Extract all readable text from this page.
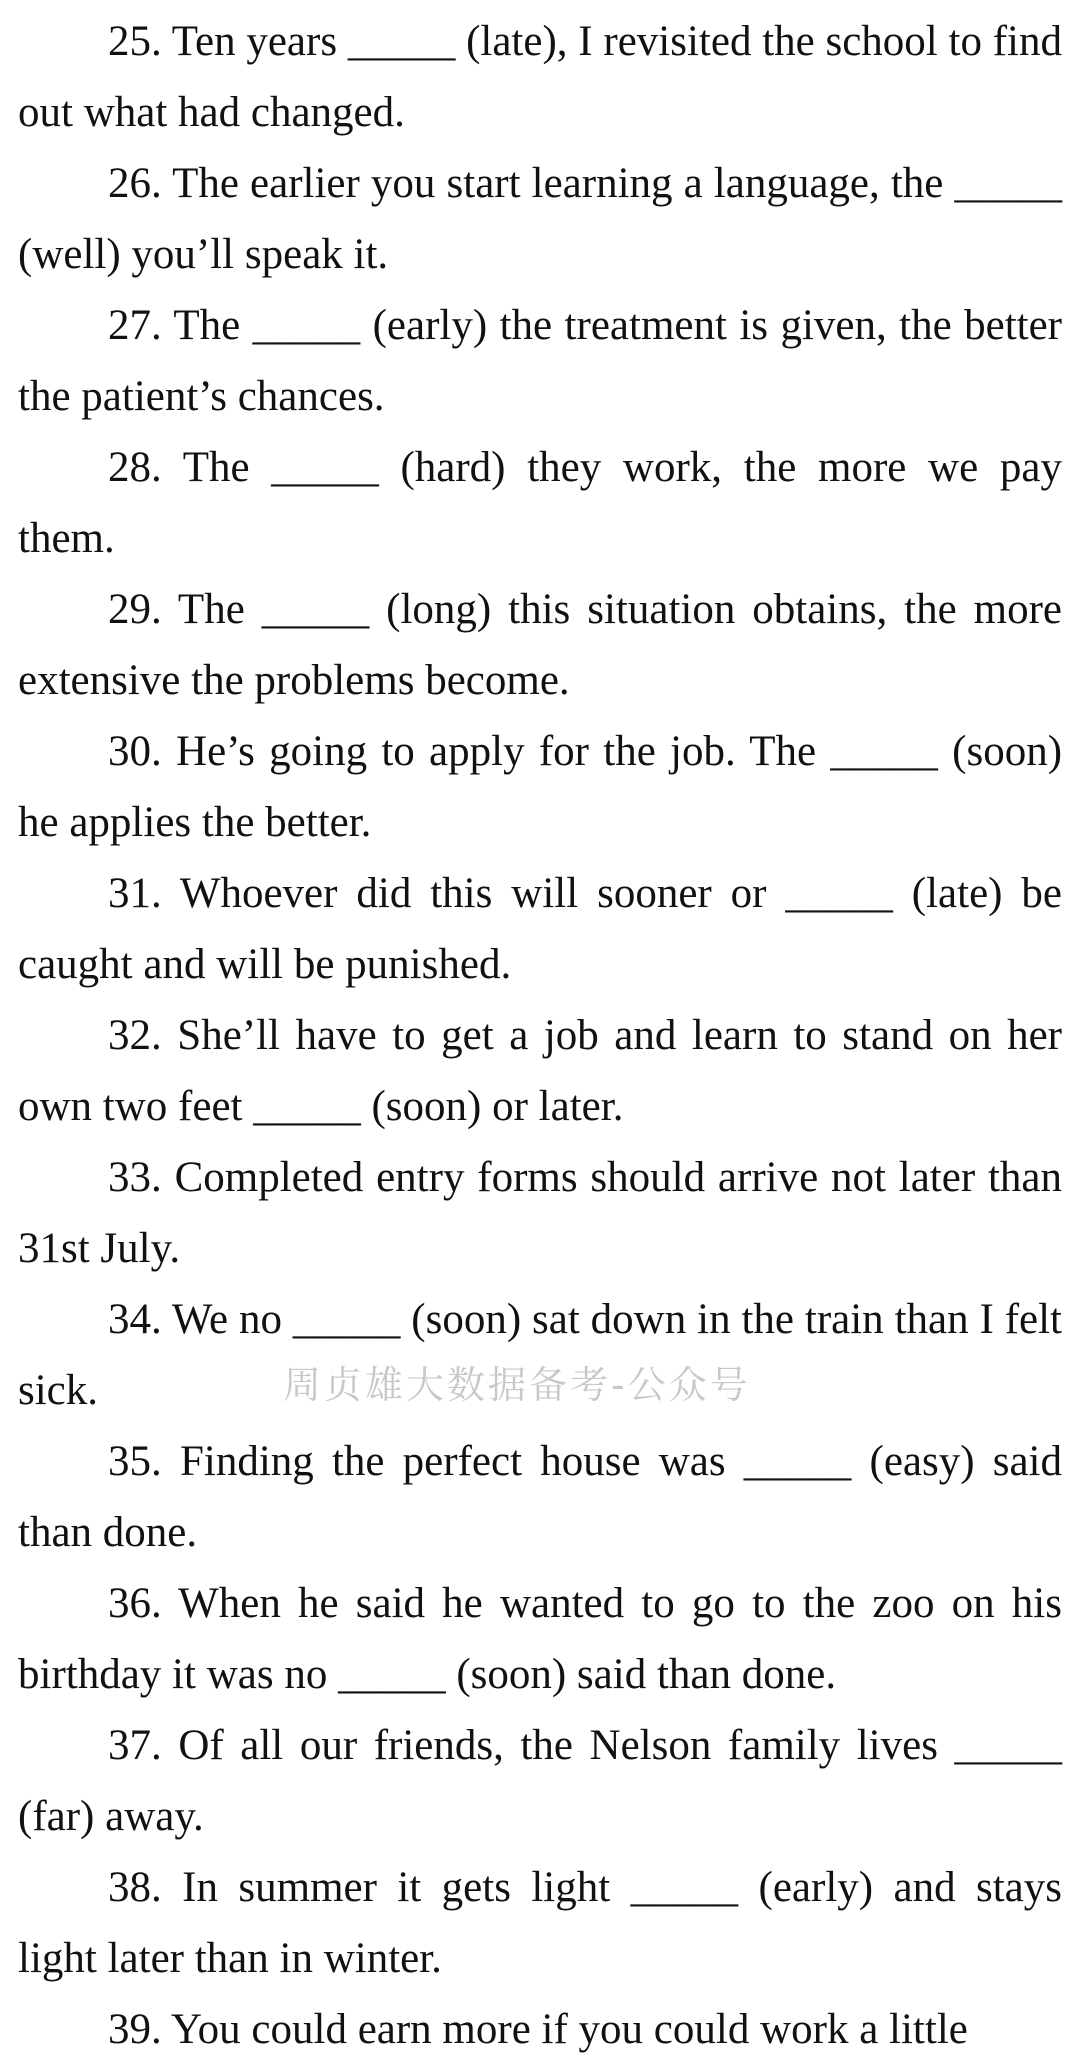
25. Ten years _____ (late), I revisited the school to find out what had changed.

26. The earlier you start learning a language, the _____ (well) you’ll speak it.

27. The _____ (early) the treatment is given, the better the patient’s chances.

28. The _____ (hard) they work, the more we pay them.

29. The _____ (long) this situation obtains, the more extensive the problems become.

30. He’s going to apply for the job. The _____ (soon) he applies the better.

31. Whoever did this will sooner or _____ (late) be caught and will be punished.

32. She’ll have to get a job and learn to stand on her own two feet _____ (soon) or later.

33. Completed entry forms should arrive not later than 31st July.

34. We no _____ (soon) sat down in the train than I felt sick.

35. Finding the perfect house was _____ (easy) said than done.

36. When he said he wanted to go to the zoo on his birthday it was no _____ (soon) said than done.

37. Of all our friends, the Nelson family lives _____ (far) away.

38. In summer it gets light _____ (early) and stays light later than in winter.

39. You could earn more if you could work a little

周贞雄大数据备考-公众号
